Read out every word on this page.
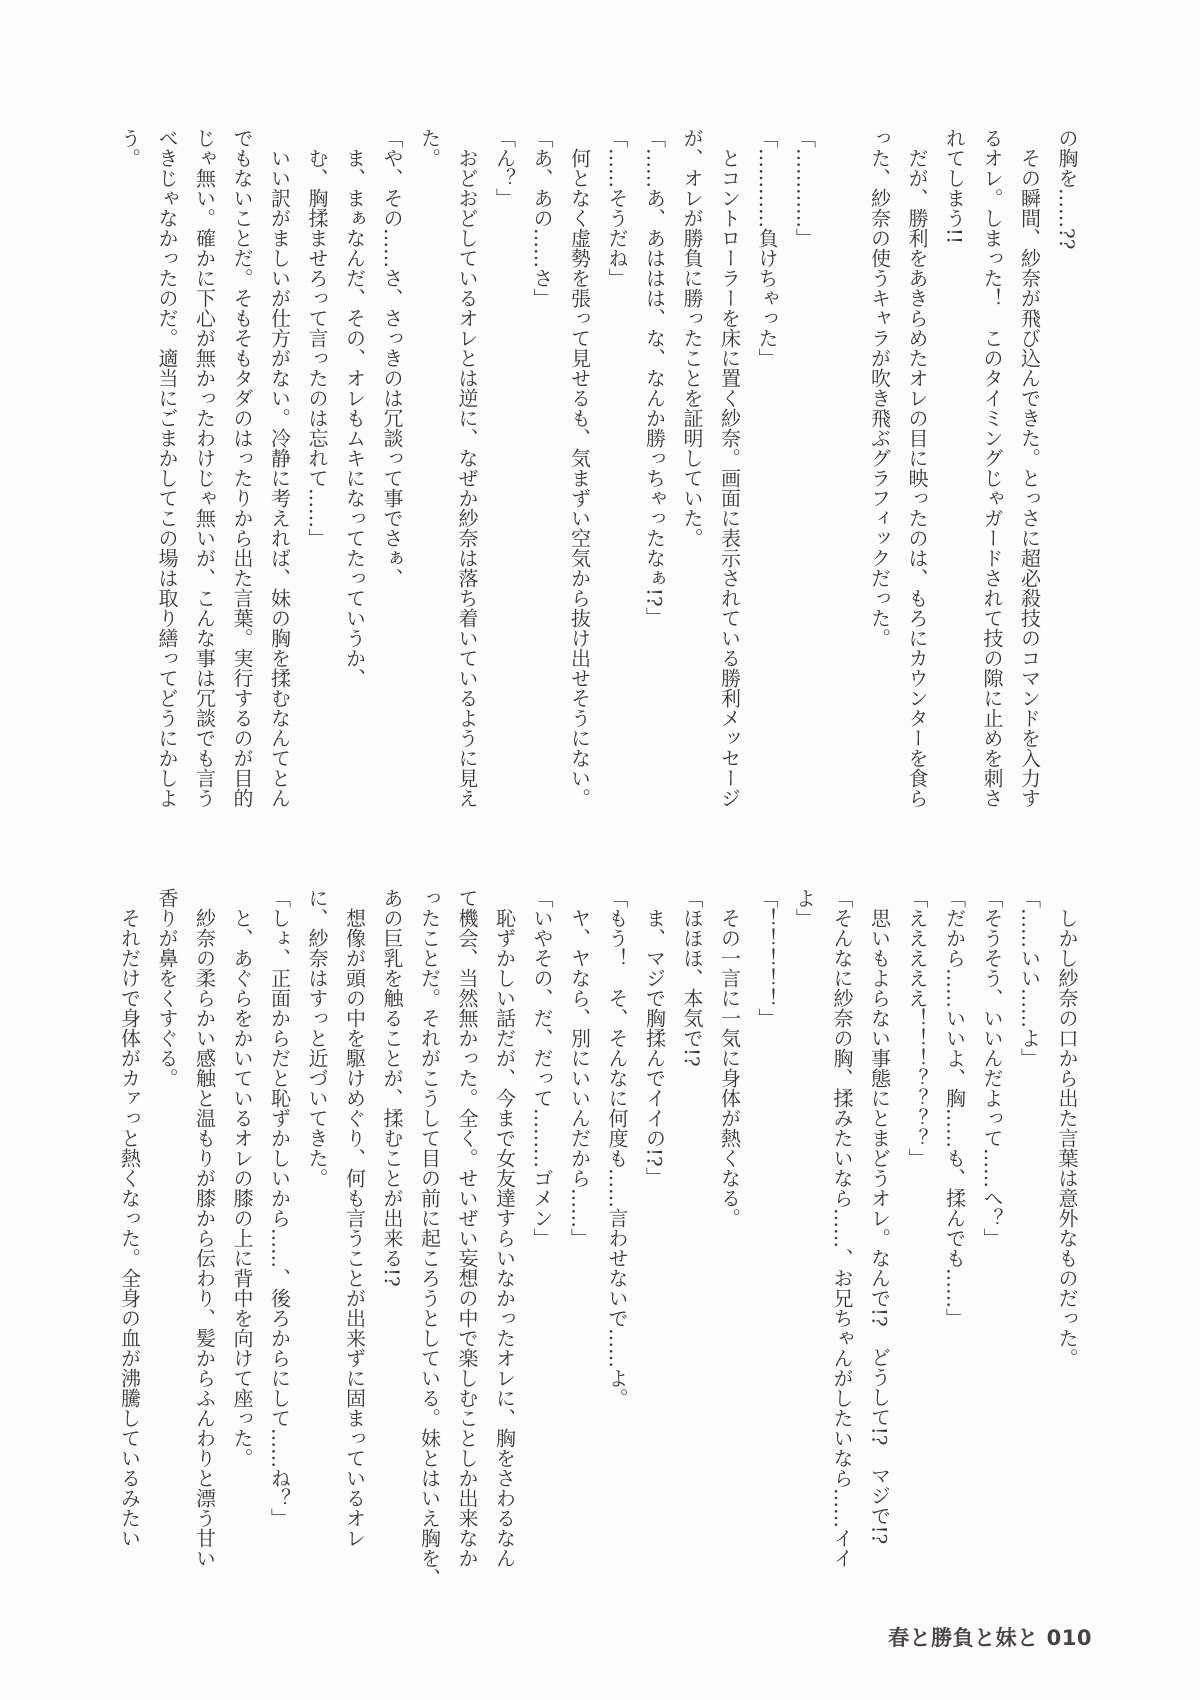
の胸を……??
　その瞬間、紗奈が飛び込んできた。とっさに超必殺技のコマンドを入力す
るオレ。しまった！　このタイミングじゃガードされて技の隙に止めを刺さ
れてしまう!!
　だが、勝利をあきらめたオレの目に映ったのは、もろにカウンターを食ら
った、紗奈の使うキャラが吹き飛ぶグラフィックだった。
「…………」
「…………負けちゃった」
　とコントローラーを床に置く紗奈。画面に表示されている勝利メッセージ
が、オレが勝負に勝ったことを証明していた。
「……あ、あははは、な、なんか勝っちゃったなぁ!?」
「……そうだね」
　何となく虚勢を張って見せるも、気まずい空気から抜け出せそうにない。
「あ、あの……さ」
「ん？」
　おどおどしているオレとは逆に、なぜか紗奈は落ち着いているように見え
た。
「や、その……さ、さっきのは冗談って事でさぁ、
　ま、まぁなんだ、その、オレもムキになってたっていうか、
　む、胸揉ませろって言ったのは忘れて……」
　いい訳がましいが仕方がない。冷静に考えれば、妹の胸を揉むなんてとん
でもないことだ。そもそもタダのはったりから出た言葉。実行するのが目的
じゃ無い。確かに下心が無かったわけじゃ無いが、こんな事は冗談でも言う
べきじゃなかったのだ。適当にごまかしてこの場は取り繕ってどうにかしよ
う。
　しかし紗奈の口から出た言葉は意外なものだった。
「……いい……よ」
「そうそう、いいんだよって……へ？」
「だから……いいよ、胸……も、揉んでも……」
「えええええ！！！？？？？」
　思いもよらない事態にとまどうオレ。なんで!?　どうして!?　マジで!?
「そんなに紗奈の胸、揉みたいなら……、お兄ちゃんがしたいなら……イイ
よ」
「！！！！！」
　その一言に一気に身体が熱くなる。
「ほほほ、本気で!?
　ま、マジで胸揉んでイイの!?」
「もう！　そ、そんなに何度も……言わせないで……よ。
　ヤ、ヤなら、別にいいんだから……」
「いやその、だ、だって………ゴメン」
　恥ずかしい話だが、今まで女友達すらいなかったオレに、胸をさわるなん
て機会、当然無かった。全く。せいぜい妄想の中で楽しむことしか出来なか
ったことだ。それがこうして目の前に起ころうとしている。妹とはいえ胸を、
あの巨乳を触ることが、揉むことが出来る!?
　想像が頭の中を駆けめぐり、何も言うことが出来ずに固まっているオレ
に、紗奈はすっと近づいてきた。
「しょ、正面からだと恥ずかしいから……、後ろからにして……ね？」
　と、あぐらをかいているオレの膝の上に背中を向けて座った。
　紗奈の柔らかい感触と温もりが膝から伝わり、髪からふんわりと漂う甘い
香りが鼻をくすぐる。
　それだけで身体がカァっと熱くなった。全身の血が沸騰しているみたい
春と勝負と妹と 010
